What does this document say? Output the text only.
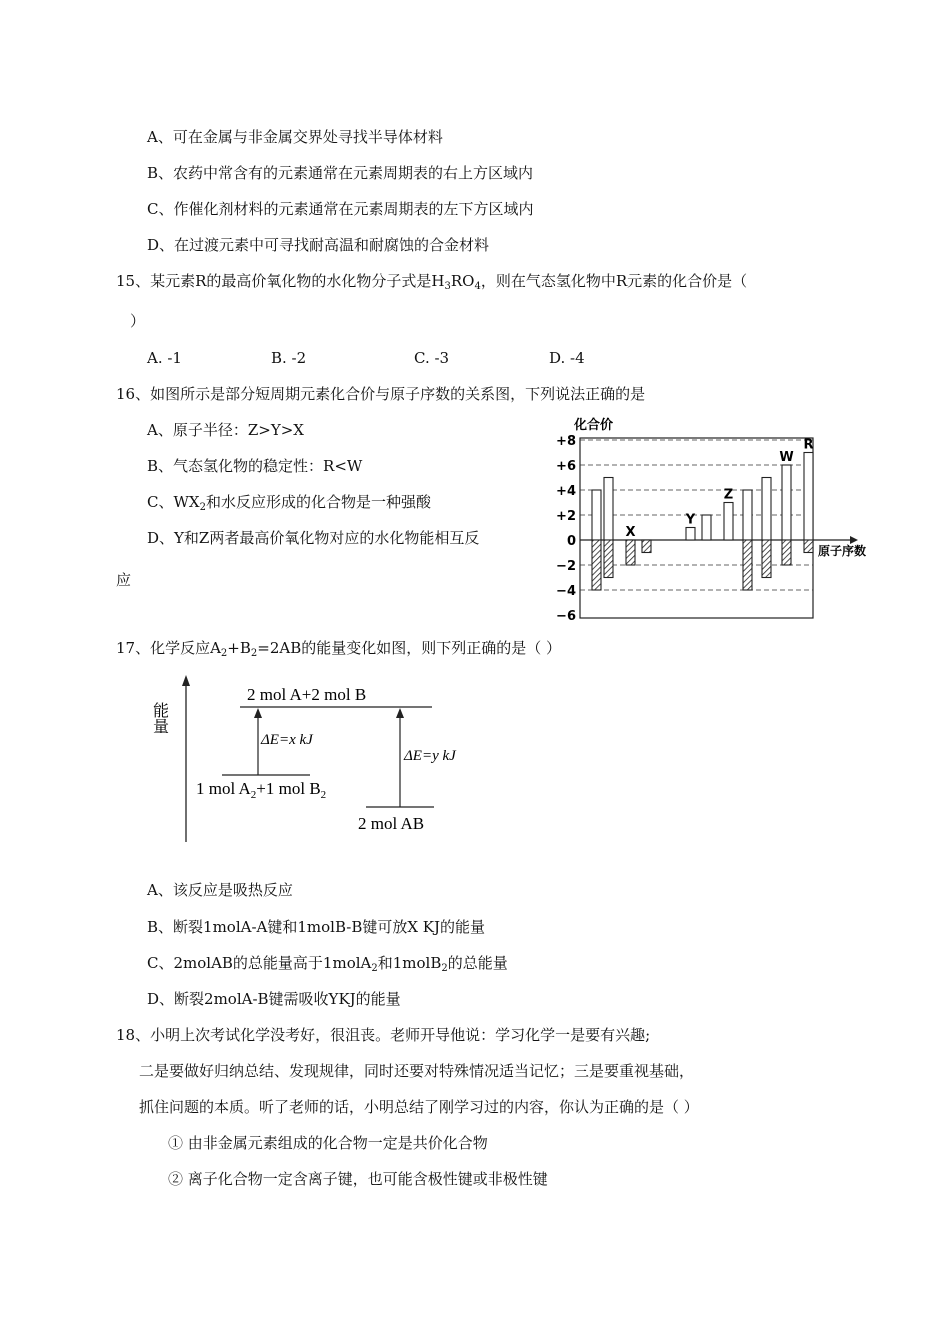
A、可在金属与非金属交界处寻找半导体材料
B、农药中常含有的元素通常在元素周期表的右上方区域内
C、作催化剂材料的元素通常在元素周期表的左下方区域内
D、在过渡元素中可寻找耐高温和耐腐蚀的合金材料
15、某元素R的最高价氧化物的水化物分子式是$H_3RO_4$，则在气态氢化物中R元素的化合价是（
）
A. -1	B. -2	C. -3	D. -4
16、如图所示是部分短周期元素化合价与原子序数的关系图，下列说法正确的是
A、原子半径：Z>Y>X
B、气态氢化物的稳定性：R<W
C、$WX_2$和水反应形成的化合物是一种强酸
D、Y和Z两者最高价氧化物对应的水化物能相互反
应
化合价
原子序数
+8
+6
+4
+2
0
−2
−4
−6
X
Y
Z
W
R
17、化学反应$A_2+B_2=2AB$的能量变化如图，则下列正确的是（ ）
能量
2 mol A+2 mol B
ΔE=x kJ
ΔE=y kJ
1 mol $A_2+1$ mol $B_2$
2 mol AB
A、该反应是吸热反应
B、断裂1molA-A键和1molB-B键可放X KJ的能量
C、2molAB的总能量高于1molA$_2$和1molB$_2$的总能量
D、断裂2molA-B键需吸收YKJ的能量
18、小明上次考试化学没考好，很沮丧。老师开导他说：学习化学一是要有兴趣;
二是要做好归纳总结、发现规律，同时还要对特殊情况适当记忆；三是要重视基础，
抓住问题的本质。听了老师的话，小明总结了刚学习过的内容，你认为正确的是（ ）
① 由非金属元素组成的化合物一定是共价化合物
② 离子化合物一定含离子键，也可能含极性键或非极性键
